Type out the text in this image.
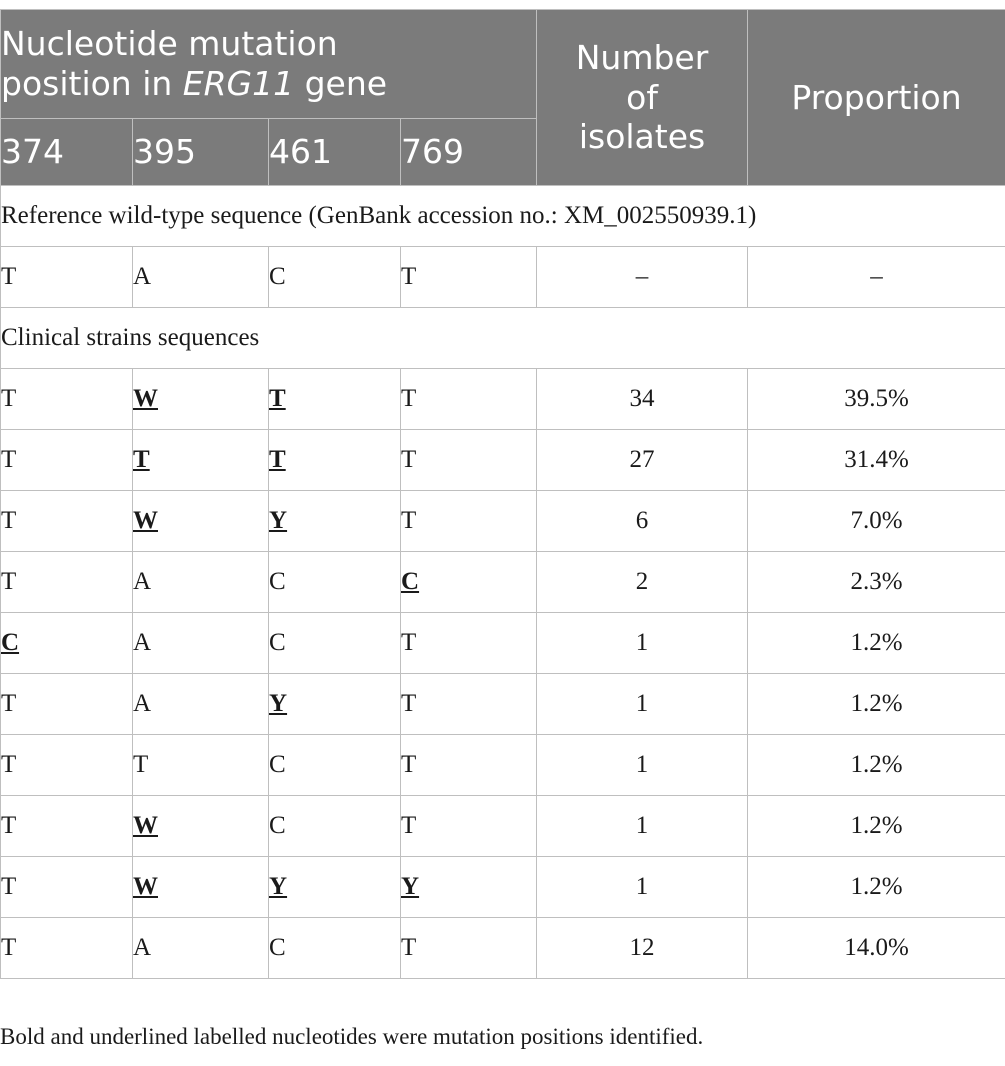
Nucleotide mutation
position in ERG11 gene				Number of isolates	Proportion
374	395	461	769		
Reference wild-type sequence (GenBank accession no.: XM_002550939.1)					
T	A	C	T	–	–
Clinical strains sequences					
T	W	T	T	34	39.5%
T	T	T	T	27	31.4%
T	W	Y	T	6	7.0%
T	A	C	C	2	2.3%
C	A	C	T	1	1.2%
T	A	Y	T	1	1.2%
T	T	C	T	1	1.2%
T	W	C	T	1	1.2%
T	W	Y	Y	1	1.2%
T	A	C	T	12	14.0%
Bold and underlined labelled nucleotides were mutation positions identified.
